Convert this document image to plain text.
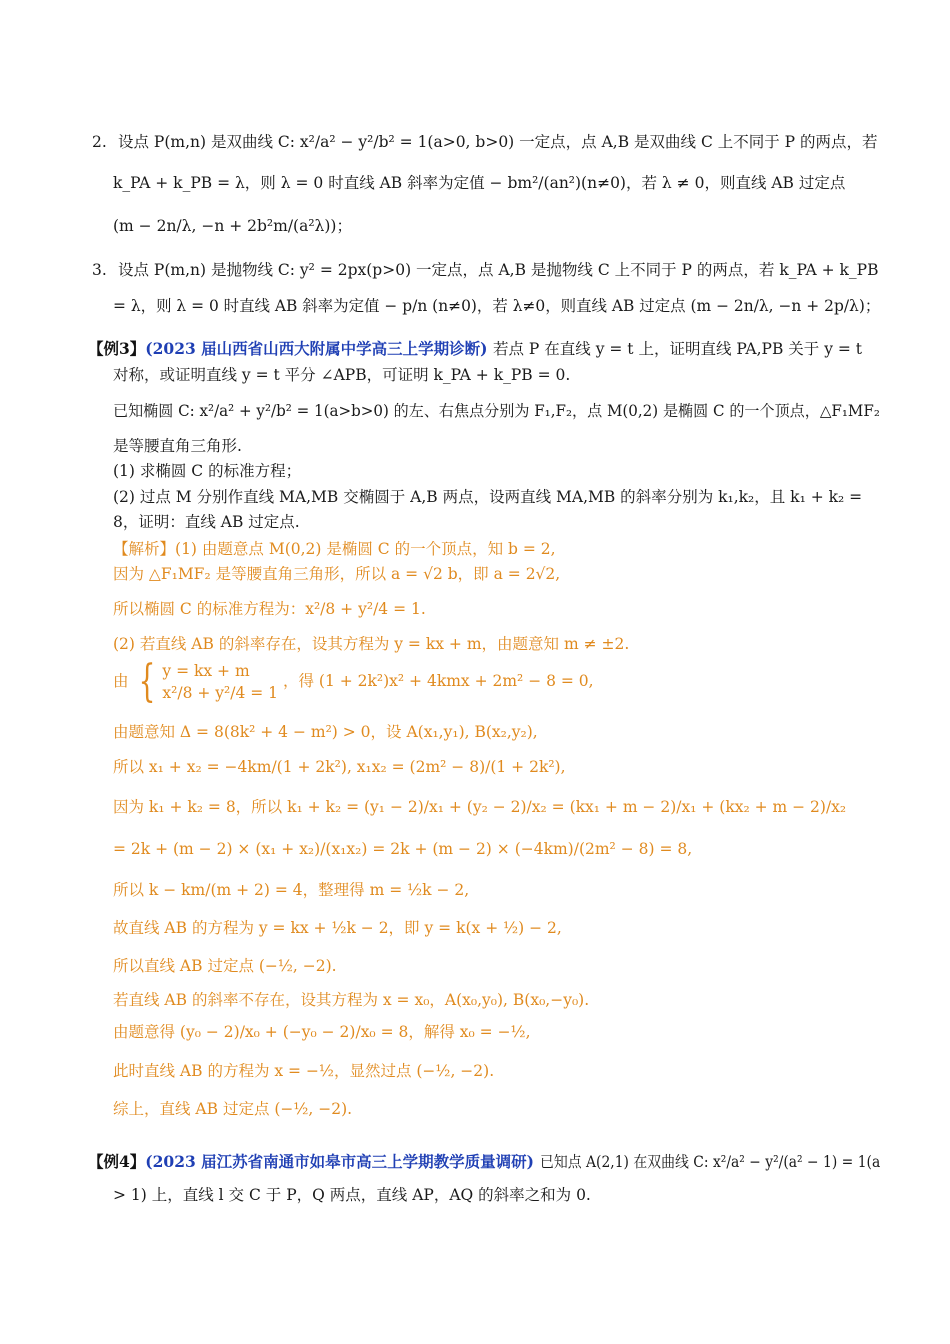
2. 设点 P(m,n) 是双曲线 C: x²/a² − y²/b² = 1(a>0, b>0) 一定点，点 A,B 是双曲线 C 上不同于 P 的两点，若
k_PA + k_PB = λ，则 λ = 0 时直线 AB 斜率为定值 − bm²/(an²)(n≠0)，若 λ ≠ 0，则直线 AB 过定点
(m − 2n/λ, −n + 2b²m/(a²λ))；
3. 设点 P(m,n) 是抛物线 C: y² = 2px(p>0) 一定点，点 A,B 是抛物线 C 上不同于 P 的两点，若 k_PA + k_PB
= λ，则 λ = 0 时直线 AB 斜率为定值 − p/n (n≠0)，若 λ≠0，则直线 AB 过定点 (m − 2n/λ, −n + 2p/λ)；
【例3】(2023 届山西省山西大附属中学高三上学期诊断) 若点 P 在直线 y = t 上，证明直线 PA,PB 关于 y = t
对称，或证明直线 y = t 平分 ∠APB，可证明 k_PA + k_PB = 0.
已知椭圆 C: x²/a² + y²/b² = 1(a>b>0) 的左、右焦点分别为 F₁,F₂，点 M(0,2) 是椭圆 C 的一个顶点，△F₁MF₂
是等腰直角三角形.
(1) 求椭圆 C 的标准方程；
(2) 过点 M 分别作直线 MA,MB 交椭圆于 A,B 两点，设两直线 MA,MB 的斜率分别为 k₁,k₂，且 k₁ + k₂ =
8，证明：直线 AB 过定点.
【解析】(1) 由题意点 M(0,2) 是椭圆 C 的一个顶点，知 b = 2,
因为 △F₁MF₂ 是等腰直角三角形，所以 a = √2 b，即 a = 2√2,
所以椭圆 C 的标准方程为：x²/8 + y²/4 = 1.
(2) 若直线 AB 的斜率存在，设其方程为 y = kx + m，由题意知 m ≠ ±2.
由 { y = kx + m
x²/8 + y²/4 = 1
，得 (1 + 2k²)x² + 4kmx + 2m² − 8 = 0,
由题意知 Δ = 8(8k² + 4 − m²) > 0，设 A(x₁,y₁), B(x₂,y₂),
所以 x₁ + x₂ = −4km/(1 + 2k²), x₁x₂ = (2m² − 8)/(1 + 2k²),
因为 k₁ + k₂ = 8，所以 k₁ + k₂ = (y₁ − 2)/x₁ + (y₂ − 2)/x₂ = (kx₁ + m − 2)/x₁ + (kx₂ + m − 2)/x₂
= 2k + (m − 2) × (x₁ + x₂)/(x₁x₂) = 2k + (m − 2) × (−4km)/(2m² − 8) = 8,
所以 k − km/(m + 2) = 4，整理得 m = ½k − 2,
故直线 AB 的方程为 y = kx + ½k − 2，即 y = k(x + ½) − 2,
所以直线 AB 过定点 (−½, −2).
若直线 AB 的斜率不存在，设其方程为 x = x₀，A(x₀,y₀), B(x₀,−y₀).
由题意得 (y₀ − 2)/x₀ + (−y₀ − 2)/x₀ = 8，解得 x₀ = −½,
此时直线 AB 的方程为 x = −½，显然过点 (−½, −2).
综上，直线 AB 过定点 (−½, −2).
【例4】(2023 届江苏省南通市如皋市高三上学期教学质量调研) 已知点 A(2,1) 在双曲线 C: x²/a² − y²/(a² − 1) = 1(a
> 1) 上，直线 l 交 C 于 P，Q 两点，直线 AP，AQ 的斜率之和为 0.
